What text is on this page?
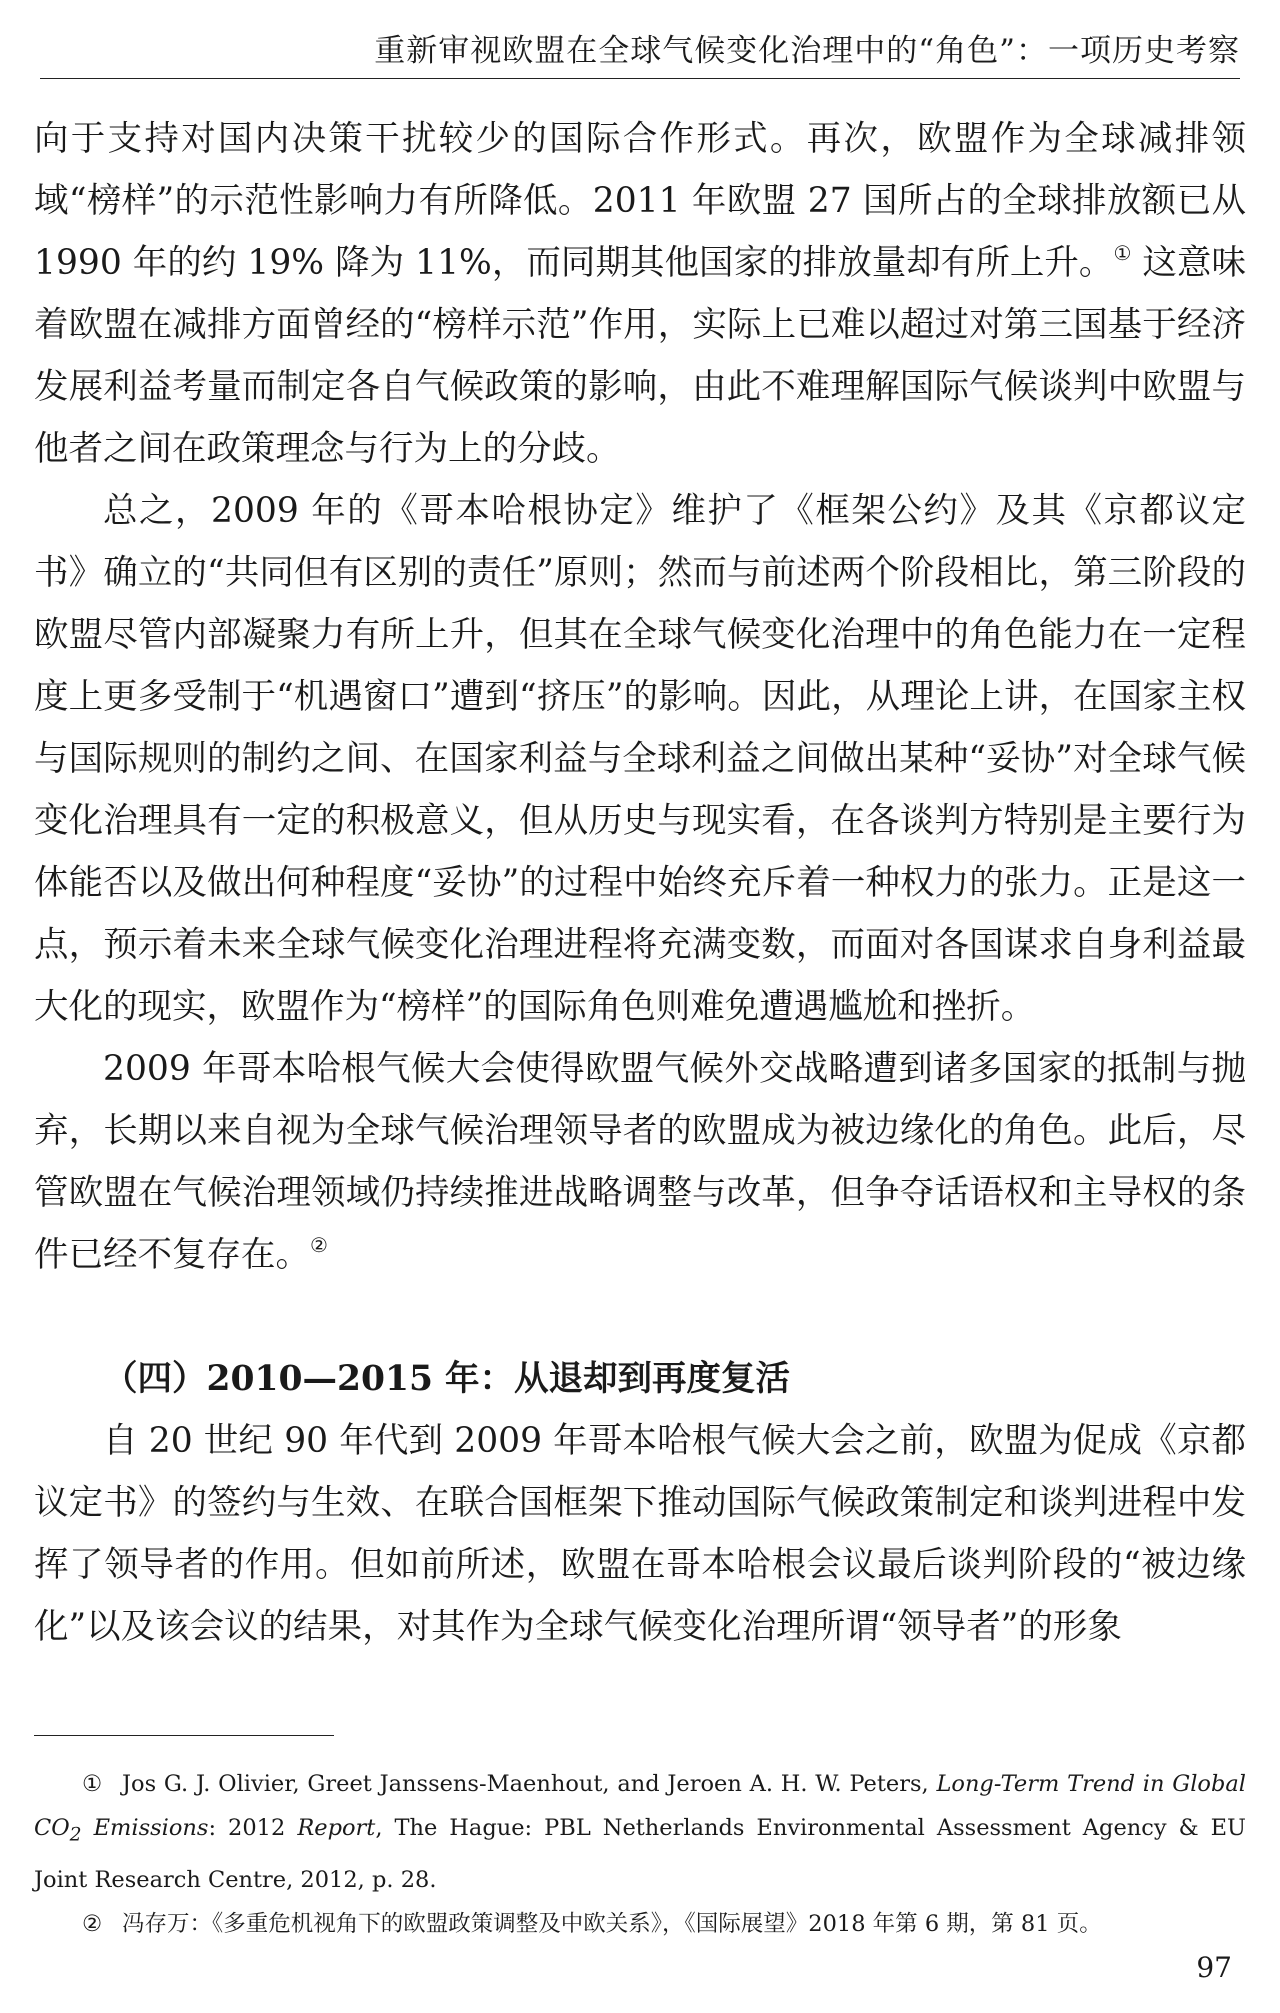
重新审视欧盟在全球气候变化治理中的“角色”：一项历史考察

向于支持对国内决策干扰较少的国际合作形式。再次，欧盟作为全球减排领域“榜样”的示范性影响力有所降低。2011 年欧盟 27 国所占的全球排放额已从 1990 年的约 19% 降为 11%，而同期其他国家的排放量却有所上升。① 这意味着欧盟在减排方面曾经的“榜样示范”作用，实际上已难以超过对第三国基于经济发展利益考量而制定各自气候政策的影响，由此不难理解国际气候谈判中欧盟与他者之间在政策理念与行为上的分歧。

总之，2009 年的《哥本哈根协定》维护了《框架公约》及其《京都议定书》确立的“共同但有区别的责任”原则；然而与前述两个阶段相比，第三阶段的欧盟尽管内部凝聚力有所上升，但其在全球气候变化治理中的角色能力在一定程度上更多受制于“机遇窗口”遭到“挤压”的影响。因此，从理论上讲，在国家主权与国际规则的制约之间、在国家利益与全球利益之间做出某种“妥协”对全球气候变化治理具有一定的积极意义，但从历史与现实看，在各谈判方特别是主要行为体能否以及做出何种程度“妥协”的过程中始终充斥着一种权力的张力。正是这一点，预示着未来全球气候变化治理进程将充满变数，而面对各国谋求自身利益最大化的现实，欧盟作为“榜样”的国际角色则难免遭遇尴尬和挫折。

2009 年哥本哈根气候大会使得欧盟气候外交战略遭到诸多国家的抵制与抛弃，长期以来自视为全球气候治理领导者的欧盟成为被边缘化的角色。此后，尽管欧盟在气候治理领域仍持续推进战略调整与改革，但争夺话语权和主导权的条件已经不复存在。②

（四）2010—2015 年：从退却到再度复活

自 20 世纪 90 年代到 2009 年哥本哈根气候大会之前，欧盟为促成《京都议定书》的签约与生效、在联合国框架下推动国际气候政策制定和谈判进程中发挥了领导者的作用。但如前所述，欧盟在哥本哈根会议最后谈判阶段的“被边缘化”以及该会议的结果，对其作为全球气候变化治理所谓“领导者”的形象

① Jos G. J. Olivier, Greet Janssens-Maenhout, and Jeroen A. H. W. Peters, Long-Term Trend in Global $CO_2$ Emissions: 2012 Report, The Hague: PBL Netherlands Environmental Assessment Agency & EU Joint Research Centre, 2012, p. 28.

② 冯存万：《多重危机视角下的欧盟政策调整及中欧关系》，《国际展望》2018 年第 6 期，第 81 页。

97
